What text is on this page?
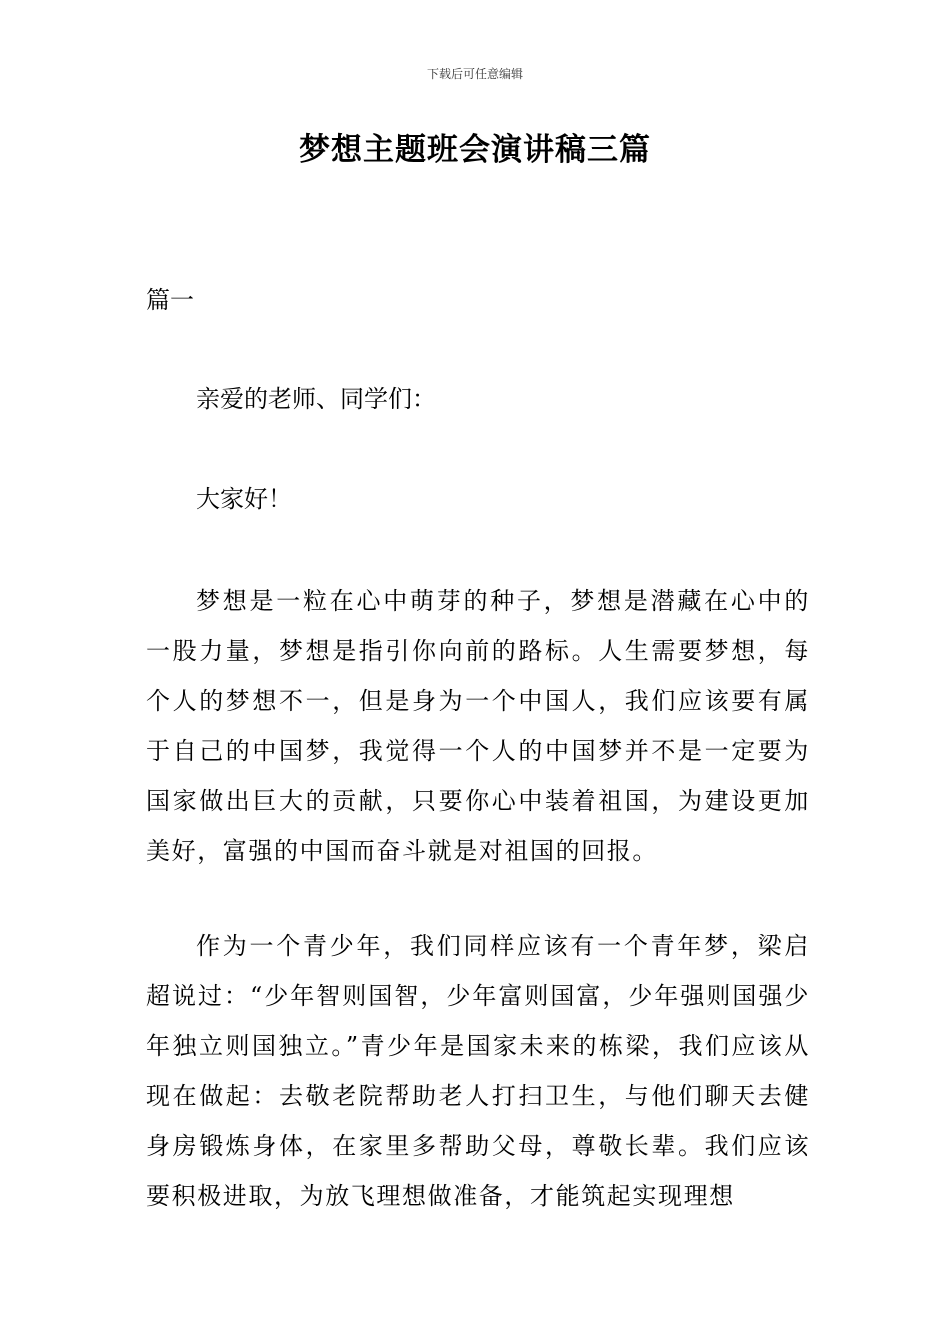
下载后可任意编辑
梦想主题班会演讲稿三篇
篇一
亲爱的老师、同学们：
大家好！

梦想是一粒在心中萌芽的种子，梦想是潜藏在心中的一股力量，梦想是指引你向前的路标。人生需要梦想，每个人的梦想不一，但是身为一个中国人，我们应该要有属于自己的中国梦，我觉得一个人的中国梦并不是一定要为国家做出巨大的贡献，只要你心中装着祖国，为建设更加美好，富强的中国而奋斗就是对祖国的回报。

作为一个青少年，我们同样应该有一个青年梦，梁启超说过：“少年智则国智，少年富则国富，少年强则国强少年独立则国独立。”青少年是国家未来的栋梁，我们应该从现在做起：去敬老院帮助老人打扫卫生，与他们聊天去健身房锻炼身体，在家里多帮助父母，尊敬长辈。我们应该要积极进取，为放飞理想做准备，才能筑起实现理想
